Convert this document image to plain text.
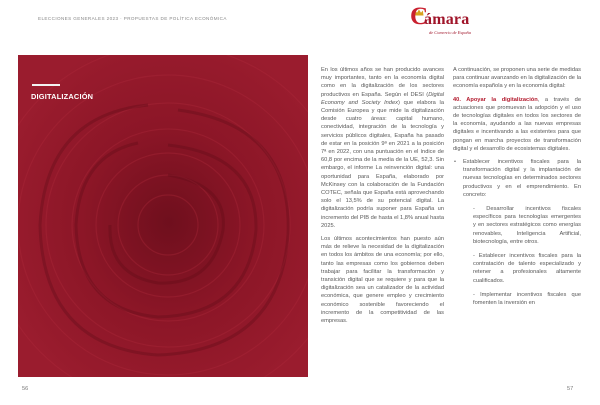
ELECCIONES GENERALES 2023 · PROPUESTAS DE POLÍTICA ECONÓMICA	C
ámara
de Comercio de España
DIGITALIZACIÓN
56	57

En los últimos años se han producido avances muy importantes, tanto en la economía digital como en la digitalización de los sectores productivos en España. Según el DESI (Digital Economy and Society Index) que elabora la Comisión Europea y que mide la digitalización desde cuatro áreas: capital humano, conectividad, integración de la tecnología y servicios públicos digitales, España ha pasado de estar en la posición 9ª en 2021 a la posición 7ª en 2022, con una puntuación en el índice de 60,8 por encima de la media de la UE, 52,3. Sin embargo, el informe La reinvención digital: una oportunidad para España, elaborado por McKinsey con la colaboración de la Fundación COTEC, señala que España está aprovechando solo el 13,5% de su potencial digital. La digitalización podría suponer para España un incremento del PIB de hasta el 1,8% anual hasta 2025.

Los últimos acontecimientos han puesto aún más de relieve la necesidad de la digitalización en todos los ámbitos de una economía; por ello, tanto las empresas como los gobiernos deben trabajar para facilitar la transformación y transición digital que se requiere y para que la digitalización sea un catalizador de la actividad económica, que genere empleo y crecimiento económico sostenible favoreciendo el incremento de la competitividad de las empresas.

A continuación, se proponen una serie de medidas para continuar avanzando en la digitalización de la economía española y en la economía digital:

40. Apoyar la digitalización, a través de actuaciones que promuevan la adopción y el uso de tecnologías digitales en todos los sectores de la economía, ayudando a las nuevas empresas digitales e incentivando a las existentes para que pongan en marcha proyectos de transformación digital y el desarrollo de ecosistemas digitales.

• Establecer incentivos fiscales para la transformación digital y la implantación de nuevas tecnologías en determinados sectores productivos y en el emprendimiento. En concreto:
- Desarrollar incentivos fiscales específicos para tecnologías emergentes y en sectores estratégicos como energías renovables, Inteligencia Artificial, biotecnología, entre otros.
- Establecer incentivos fiscales para la contratación de talento especializado y retener a profesionales altamente cualificados.
- Implementar incentivos fiscales que fomenten la inversión en
